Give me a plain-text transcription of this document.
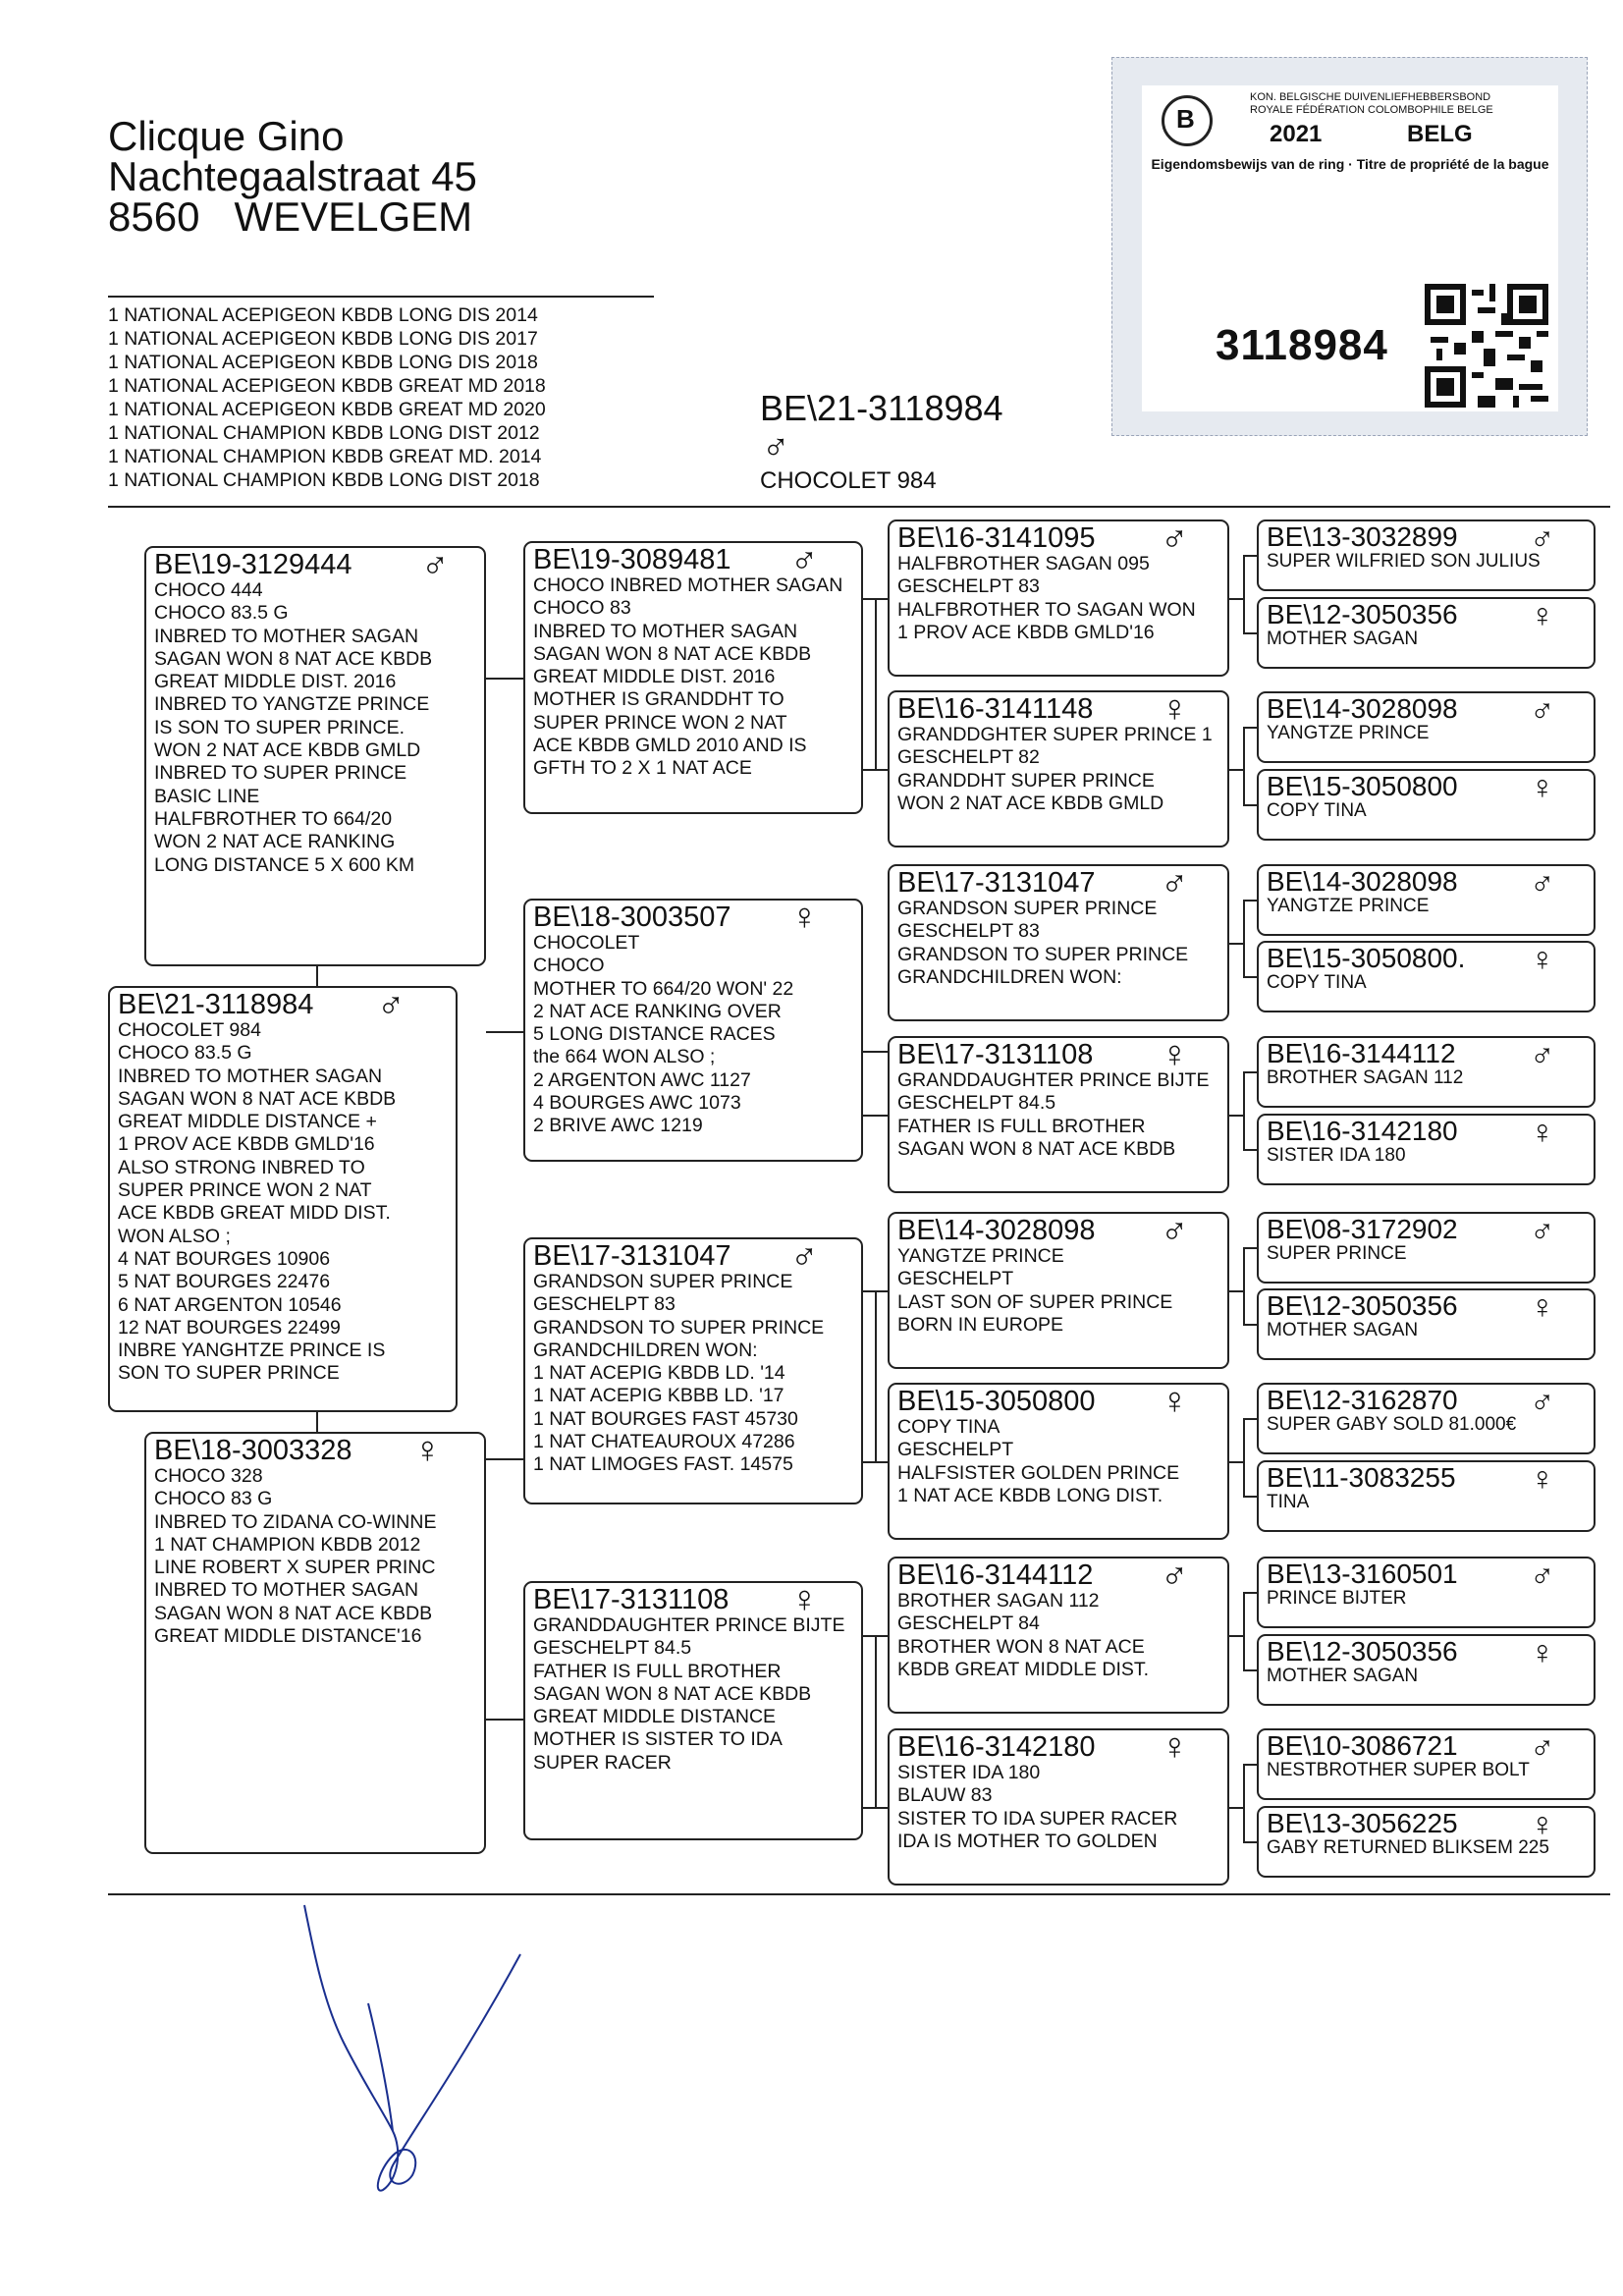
Clicque Gino
Nachtegaalstraat 45
8560 WEVELGEM
1 NATIONAL ACEPIGEON KBDB LONG DIS 2014
1 NATIONAL ACEPIGEON KBDB LONG DIS 2017
1 NATIONAL ACEPIGEON KBDB LONG DIS 2018
1 NATIONAL ACEPIGEON KBDB GREAT MD 2018
1 NATIONAL ACEPIGEON KBDB GREAT MD 2020
1 NATIONAL CHAMPION KBDB LONG DIST 2012
1 NATIONAL CHAMPION KBDB GREAT MD. 2014
1 NATIONAL CHAMPION KBDB LONG DIST 2018
BE\21-3118984
♂
CHOCOLET 984
B
KON. BELGISCHE DUIVENLIEFHEBBERSBOND
ROYALE FÉDÉRATION COLOMBOPHILE BELGE
2021	BELG
Eigendomsbewijs van de ring · Titre de propriété de la bague
3118984
BE\19-3129444 ♂
CHOCO 444
CHOCO 83.5 G
INBRED TO MOTHER SAGAN
SAGAN WON 8 NAT ACE KBDB
GREAT MIDDLE DIST. 2016
INBRED TO YANGTZE PRINCE
IS SON TO SUPER PRINCE.
WON 2 NAT ACE KBDB GMLD
INBRED TO SUPER PRINCE
BASIC LINE
HALFBROTHER TO 664/20
WON 2 NAT ACE RANKING
LONG DISTANCE 5 X 600 KM
BE\21-3118984 ♂
CHOCOLET 984
CHOCO 83.5 G
INBRED TO MOTHER SAGAN
SAGAN WON 8 NAT ACE KBDB
GREAT MIDDLE DISTANCE +
1 PROV ACE KBDB GMLD'16
ALSO STRONG INBRED TO
SUPER PRINCE WON 2 NAT
ACE KBDB GREAT MIDD DIST.
WON ALSO ;
4 NAT BOURGES 10906
5 NAT BOURGES 22476
6 NAT ARGENTON 10546
12 NAT BOURGES 22499
INBRE YANGHTZE PRINCE IS
SON TO SUPER PRINCE
BE\18-3003328 ♀
CHOCO 328
CHOCO 83 G
INBRED TO ZIDANA CO-WINNE
1 NAT CHAMPION KBDB 2012
LINE ROBERT X SUPER PRINC
INBRED TO MOTHER SAGAN
SAGAN WON 8 NAT ACE KBDB
GREAT MIDDLE DISTANCE'16
BE\19-3089481 ♂
CHOCO INBRED MOTHER SAGAN
CHOCO 83
INBRED TO MOTHER SAGAN
SAGAN WON 8 NAT ACE KBDB
GREAT MIDDLE DIST. 2016
MOTHER IS GRANDDHT TO
SUPER PRINCE WON 2 NAT
ACE KBDB GMLD 2010 AND IS
GFTH TO 2 X 1 NAT ACE
BE\18-3003507 ♀
CHOCOLET
CHOCO
MOTHER TO 664/20 WON' 22
2 NAT ACE RANKING OVER
5 LONG DISTANCE RACES
the 664 WON ALSO ;
2 ARGENTON AWC 1127
4 BOURGES AWC 1073
2 BRIVE AWC 1219
BE\17-3131047 ♂
GRANDSON SUPER PRINCE
GESCHELPT 83
GRANDSON TO SUPER PRINCE
GRANDCHILDREN WON:
1 NAT ACEPIG KBDB LD. '14
1 NAT ACEPIG KBBB LD. '17
1 NAT BOURGES FAST 45730
1 NAT CHATEAUROUX 47286
1 NAT LIMOGES FAST. 14575
BE\17-3131108 ♀
GRANDDAUGHTER PRINCE BIJTE
GESCHELPT 84.5
FATHER IS FULL BROTHER
SAGAN WON 8 NAT ACE KBDB
GREAT MIDDLE DISTANCE
MOTHER IS SISTER TO IDA
SUPER RACER
BE\16-3141095 ♂
HALFBROTHER SAGAN 095
GESCHELPT 83
HALFBROTHER TO SAGAN WON
1 PROV ACE KBDB GMLD'16
BE\16-3141148 ♀
GRANDDGHTER SUPER PRINCE 1
GESCHELPT 82
GRANDDHT SUPER PRINCE
WON 2 NAT ACE KBDB GMLD
BE\17-3131047 ♂
GRANDSON SUPER PRINCE
GESCHELPT 83
GRANDSON TO SUPER PRINCE
GRANDCHILDREN WON:
BE\17-3131108 ♀
GRANDDAUGHTER PRINCE BIJTE
GESCHELPT 84.5
FATHER IS FULL BROTHER
SAGAN WON 8 NAT ACE KBDB
BE\14-3028098 ♂
YANGTZE PRINCE
GESCHELPT
LAST SON OF SUPER PRINCE
BORN IN EUROPE
BE\15-3050800 ♀
COPY TINA
GESCHELPT
HALFSISTER GOLDEN PRINCE
1 NAT ACE KBDB LONG DIST.
BE\16-3144112 ♂
BROTHER SAGAN 112
GESCHELPT 84
BROTHER WON 8 NAT ACE
KBDB GREAT MIDDLE DIST.
BE\16-3142180 ♀
SISTER IDA 180
BLAUW 83
SISTER TO IDA SUPER RACER
IDA IS MOTHER TO GOLDEN
BE\13-3032899 ♂
SUPER WILFRIED SON JULIUS
BE\12-3050356 ♀
MOTHER SAGAN
BE\14-3028098 ♂
YANGTZE PRINCE
BE\15-3050800 ♀
COPY TINA
BE\14-3028098 ♂
YANGTZE PRINCE
BE\15-3050800. ♀
COPY TINA
BE\16-3144112 ♂
BROTHER SAGAN 112
BE\16-3142180 ♀
SISTER IDA 180
BE\08-3172902 ♂
SUPER PRINCE
BE\12-3050356 ♀
MOTHER SAGAN
BE\12-3162870 ♂
SUPER GABY SOLD 81.000€
BE\11-3083255 ♀
TINA
BE\13-3160501 ♂
PRINCE BIJTER
BE\12-3050356 ♀
MOTHER SAGAN
BE\10-3086721 ♂
NESTBROTHER SUPER BOLT
BE\13-3056225 ♀
GABY RETURNED BLIKSEM 225
